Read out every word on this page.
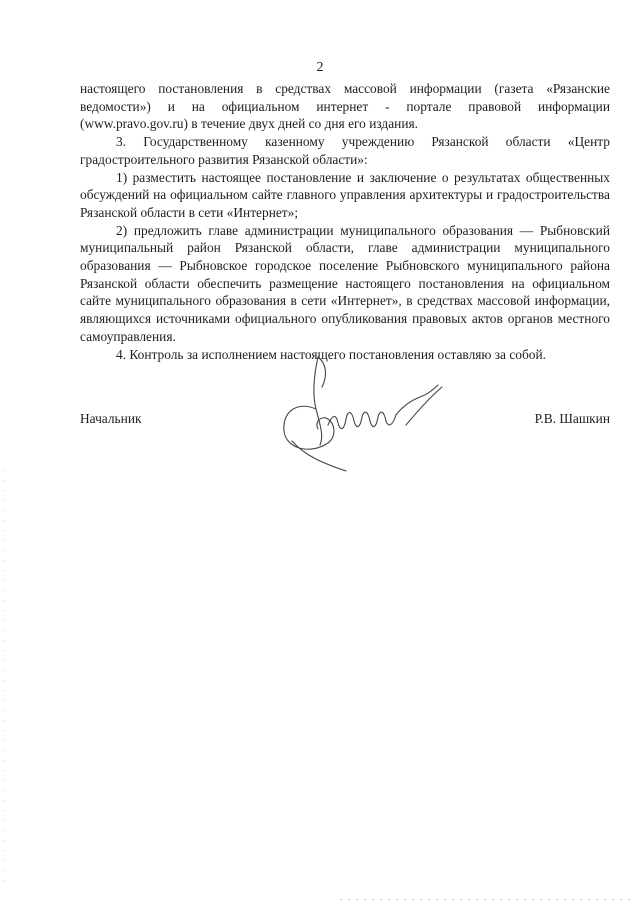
2

настоящего постановления в средствах массовой информации (газета «Рязанские ведомости») и на официальном интернет - портале правовой информации (www.pravo.gov.ru) в течение двух дней со дня его издания.

3. Государственному казенному учреждению Рязанской области «Центр градостроительного развития Рязанской области»:

1) разместить настоящее постановление и заключение о результатах общественных обсуждений на официальном сайте главного управления архитектуры и градостроительства Рязанской области в сети «Интернет»;

2) предложить главе администрации муниципального образования — Рыбновский муниципальный район Рязанской области, главе администрации муниципального образования — Рыбновское городское поселение Рыбновского муниципального района Рязанской области обеспечить размещение настоящего постановления на официальном сайте муниципального образования в сети «Интернет», в средствах массовой информации, являющихся источниками официального опубликования правовых актов органов местного самоуправления.

4. Контроль за исполнением настоящего постановления оставляю за собой.

Начальник	Р.В. Шашкин
